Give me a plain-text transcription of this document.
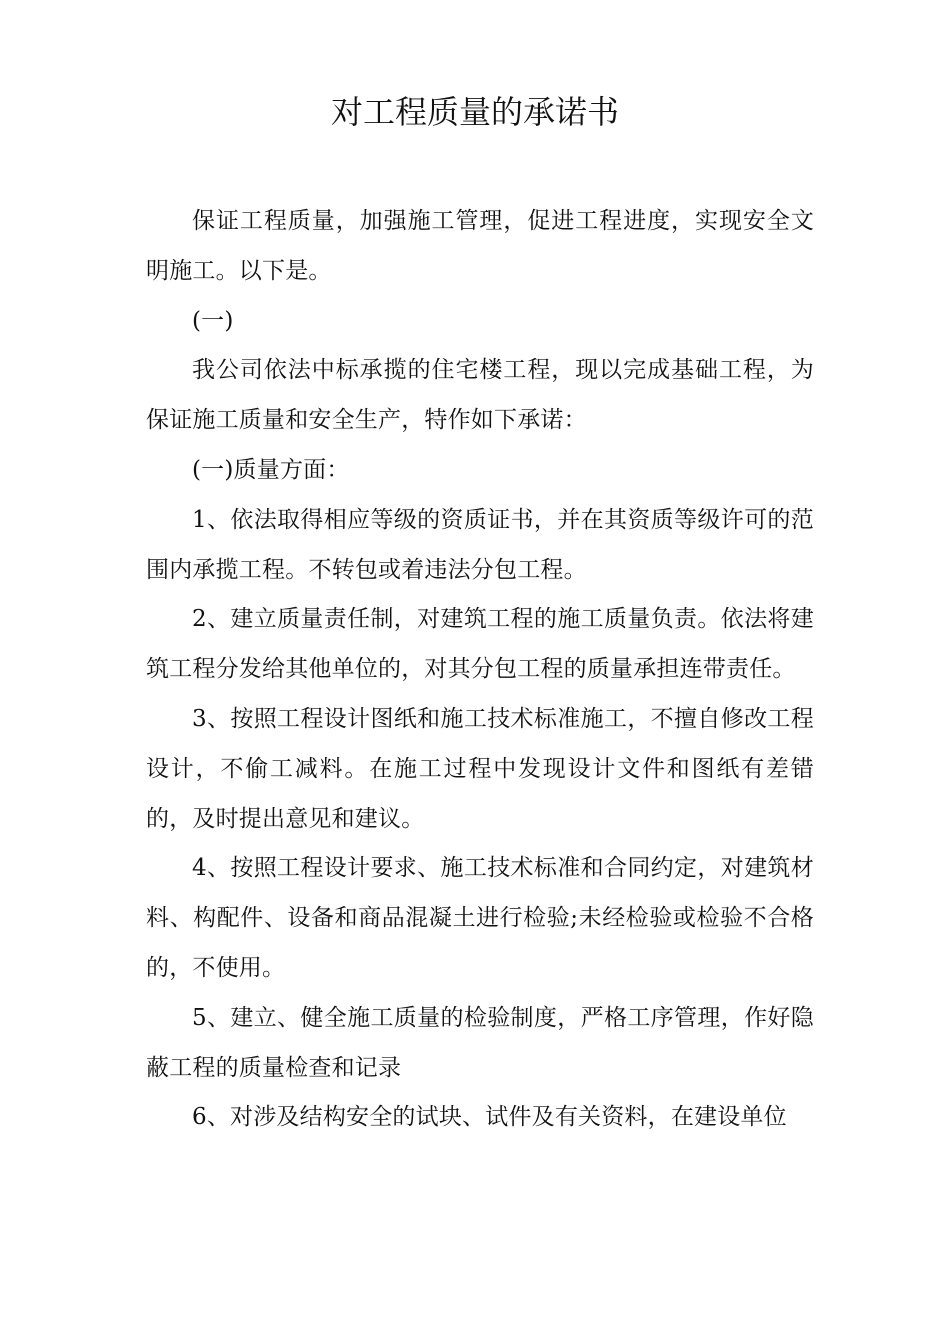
对工程质量的承诺书

保证工程质量，加强施工管理，促进工程进度，实现安全文明施工。以下是。

(一)

我公司依法中标承揽的住宅楼工程，现以完成基础工程，为保证施工质量和安全生产，特作如下承诺：

(一)质量方面：

1、依法取得相应等级的资质证书，并在其资质等级许可的范围内承揽工程。不转包或着违法分包工程。

2、建立质量责任制，对建筑工程的施工质量负责。依法将建筑工程分发给其他单位的，对其分包工程的质量承担连带责任。

3、按照工程设计图纸和施工技术标准施工，不擅自修改工程设计，不偷工减料。在施工过程中发现设计文件和图纸有差错的，及时提出意见和建议。

4、按照工程设计要求、施工技术标准和合同约定，对建筑材料、构配件、设备和商品混凝土进行检验;未经检验或检验不合格的，不使用。

5、建立、健全施工质量的检验制度，严格工序管理，作好隐蔽工程的质量检查和记录

6、对涉及结构安全的试块、试件及有关资料，在建设单位
